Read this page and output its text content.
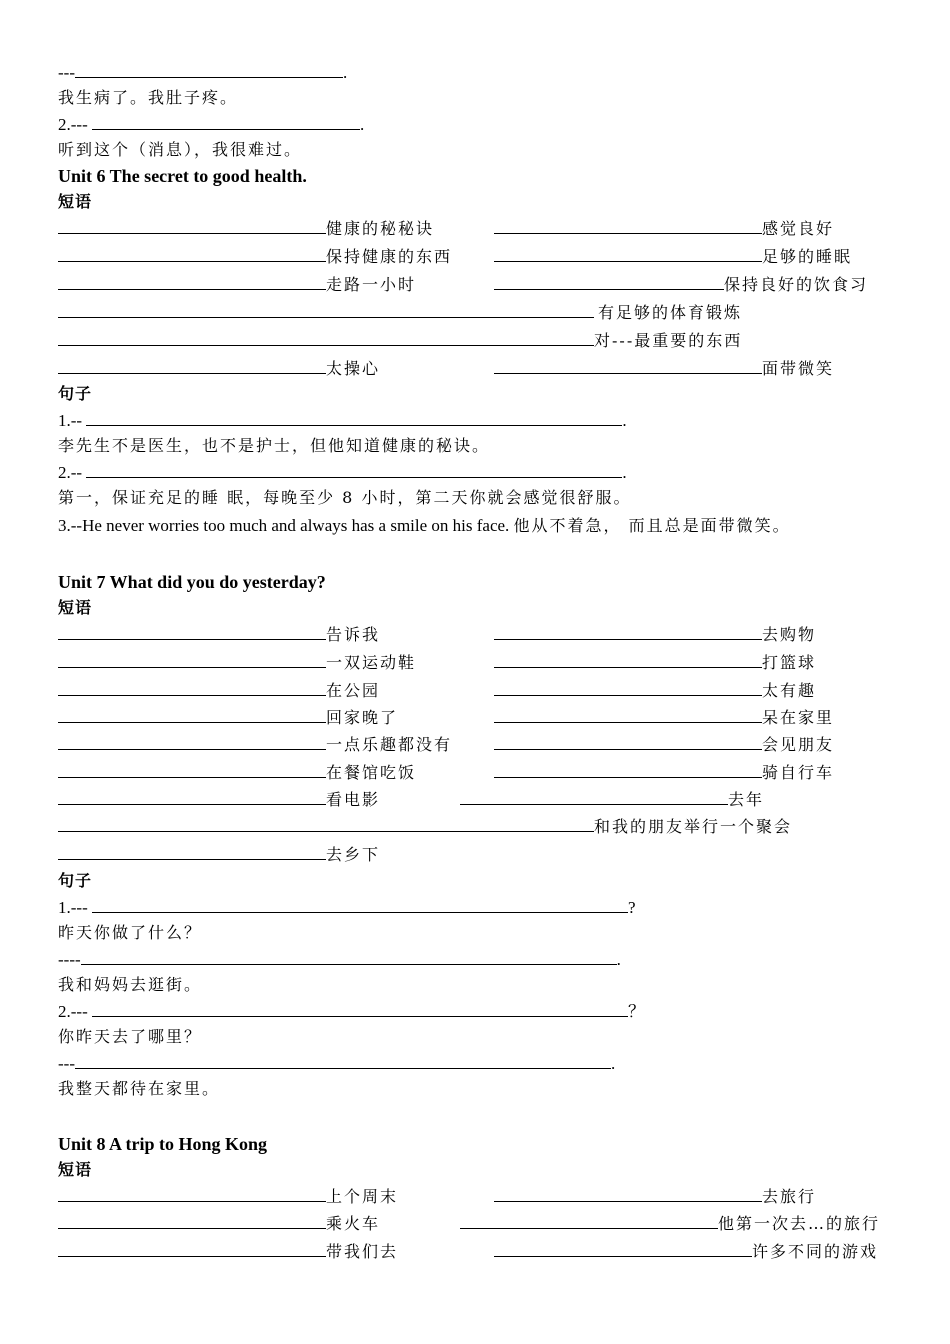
---	.
我生病了。我肚子疼。
2.---	.
听到这个（消息），我很难过。
Unit 6 The secret to good health.
短语
健康的秘秘诀	感觉良好
保持健康的东西	足够的睡眠
走路一小时	保持良好的饮食习
有足够的体育锻炼
对---最重要的东西
太操心	面带微笑
句子
1.--	.
李先生不是医生，也不是护士，但他知道健康的秘诀。
2.--	.
第一，保证充足的睡 眠，每晚至少 8 小时，第二天你就会感觉很舒服。
3.--He never worries too much and always has a smile on his face. 他从不着急， 而且总是面带微笑。
Unit 7 What did you do yesterday?
短语
告诉我	去购物
一双运动鞋	打篮球
在公园	太有趣
回家晚了	呆在家里
一点乐趣都没有	会见朋友
在餐馆吃饭	骑自行车
看电影	去年
和我的朋友举行一个聚会
去乡下
句子
1.---	?
昨天你做了什么？
----	.
我和妈妈去逛街。
2.---	？
你昨天去了哪里？
---	.
我整天都待在家里。
Unit 8 A trip to Hong Kong
短语
上个周末	去旅行
乘火车	他第一次去…的旅行
带我们去	许多不同的游戏
